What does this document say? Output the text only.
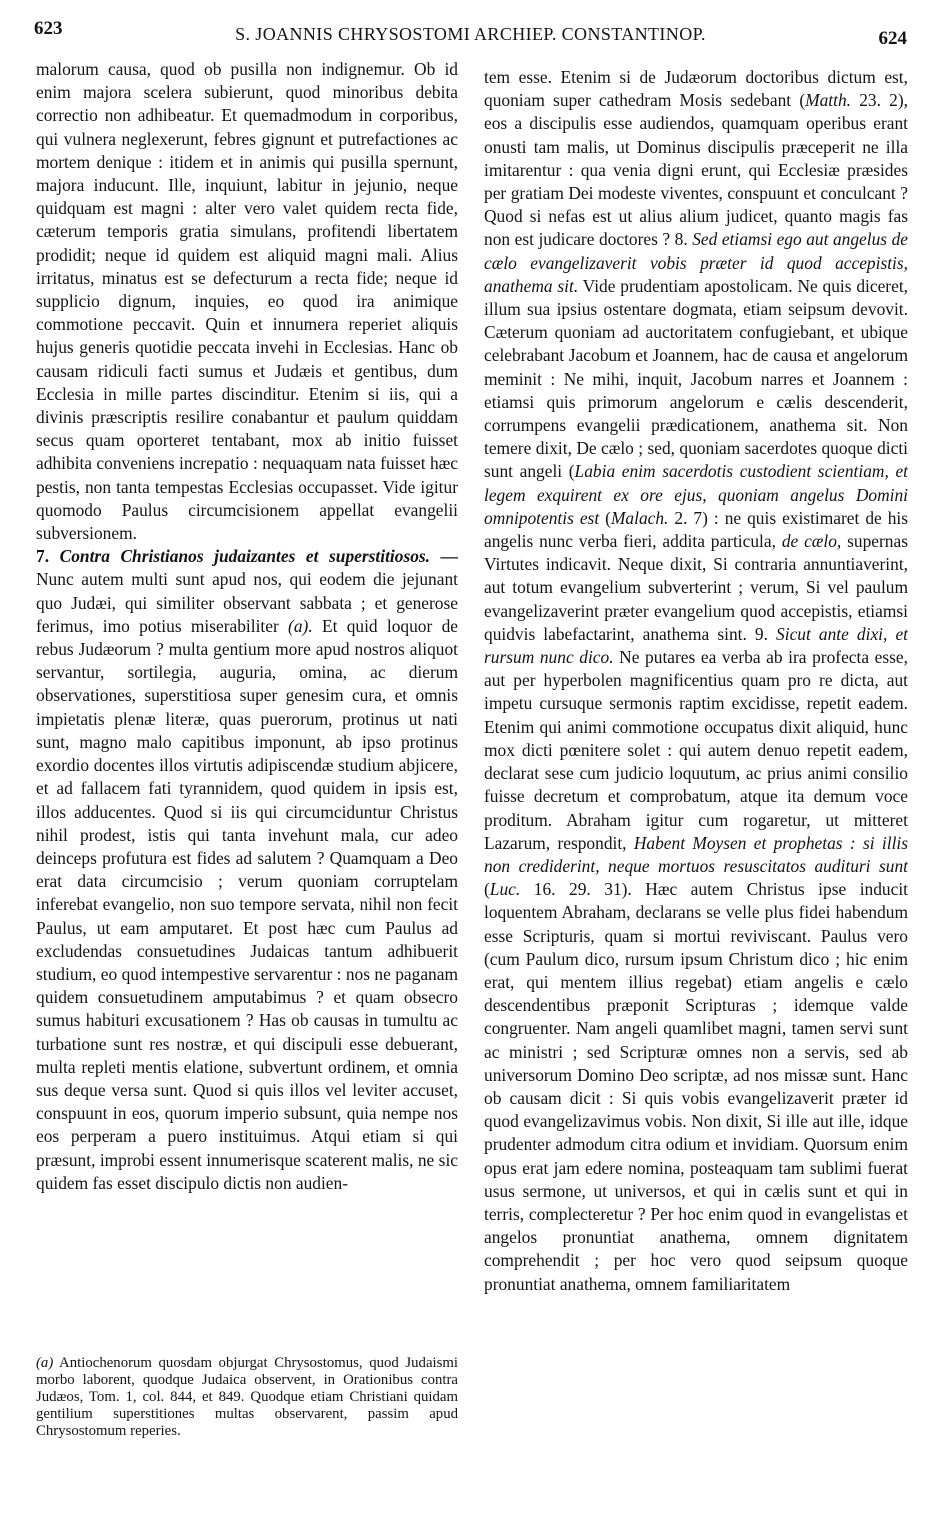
623	S. JOANNIS CHRYSOSTOMI ARCHIEP. CONSTANTINOP.	624

malorum causa, quod ob pusilla non indignemur. Ob id enim majora scelera subierunt, quod minoribus debita correctio non adhibeatur. Et quemadmodum in corporibus, qui vulnera neglexerunt, febres gignunt et putrefactiones ac mortem denique : itidem et in animis qui pusilla spernunt, majora inducunt. Ille, inquiunt, labitur in jejunio, neque quidquam est magni : alter vero valet quidem recta fide, cæterum temporis gratia simulans, profitendi libertatem prodidit; neque id quidem est aliquid magni mali. Alius irritatus, minatus est se defecturum a recta fide; neque id supplicio dignum, inquies, eo quod ira animique commotione peccavit. Quin et innumera reperiet aliquis hujus generis quotidie peccata invehi in Ecclesias. Hanc ob causam ridiculi facti sumus et Judæis et gentibus, dum Ecclesia in mille partes discinditur. Etenim si iis, qui a divinis præscriptis resilire conabantur et paulum quiddam secus quam oporteret tentabant, mox ab initio fuisset adhibita conveniens increpatio : nequaquam nata fuisset hæc pestis, non tanta tempestas Ecclesias occupasset. Vide igitur quomodo Paulus circumcisionem appellat evangelii subversionem.

7. Contra Christianos judaizantes et superstitiosos. — Nunc autem multi sunt apud nos, qui eodem die jejunant quo Judæi, qui similiter observant sabbata ; et generose ferimus, imo potius miserabiliter (a). Et quid loquor de rebus Judæorum ? multa gentium more apud nostros aliquot servantur, sortilegia, auguria, omina, ac dierum observationes, superstitiosa super genesim cura, et omnis impietatis plenæ literæ, quas puerorum, protinus ut nati sunt, magno malo capitibus imponunt, ab ipso protinus exordio docentes illos virtutis adipiscendæ studium abjicere, et ad fallacem fati tyrannidem, quod quidem in ipsis est, illos adducentes. Quod si iis qui circumciduntur Christus nihil prodest, istis qui tanta invehunt mala, cur adeo deinceps profutura est fides ad salutem ? Quamquam a Deo erat data circumcisio ; verum quoniam corruptelam inferebat evangelio, non suo tempore servata, nihil non fecit Paulus, ut eam amputaret. Et post hæc cum Paulus ad excludendas consuetudines Judaicas tantum adhibuerit studium, eo quod intempestive servarentur : nos ne paganam quidem consuetudinem amputabimus ? et quam obsecro sumus habituri excusationem ? Has ob causas in tumultu ac turbatione sunt res nostræ, et qui discipuli esse debuerant, multa repleti mentis elatione, subvertunt ordinem, et omnia sus deque versa sunt. Quod si quis illos vel leviter accuset, conspuunt in eos, quorum imperio subsunt, quia nempe nos eos perperam a puero instituimus. Atqui etiam si qui præsunt, improbi essent innumerisque scaterent malis, ne sic quidem fas esset discipulo dictis non audien-

tem esse. Etenim si de Judæorum doctoribus dictum est, quoniam super cathedram Mosis sedebant (Matth. 23. 2), eos a discipulis esse audiendos, quamquam operibus erant onusti tam malis, ut Dominus discipulis præceperit ne illa imitarentur : qua venia digni erunt, qui Ecclesiæ præsides per gratiam Dei modeste viventes, conspuunt et conculcant ? Quod si nefas est ut alius alium judicet, quanto magis fas non est judicare doctores ? 8. Sed etiamsi ego aut angelus de cælo evangelizaverit vobis præter id quod accepistis, anathema sit. Vide prudentiam apostolicam. Ne quis diceret, illum sua ipsius ostentare dogmata, etiam seipsum devovit. Cæterum quoniam ad auctoritatem confugiebant, et ubique celebrabant Jacobum et Joannem, hac de causa et angelorum meminit : Ne mihi, inquit, Jacobum narres et Joannem : etiamsi quis primorum angelorum e cælis descenderit, corrumpens evangelii prædicationem, anathema sit. Non temere dixit, De cælo ; sed, quoniam sacerdotes quoque dicti sunt angeli (Labia enim sacerdotis custodient scientiam, et legem exquirent ex ore ejus, quoniam angelus Domini omnipotentis est (Malach. 2. 7) : ne quis existimaret de his angelis nunc verba fieri, addita particula, de cælo, supernas Virtutes indicavit. Neque dixit, Si contraria annuntiaverint, aut totum evangelium subverterint ; verum, Si vel paulum evangelizaverint præter evangelium quod accepistis, etiamsi quidvis labefactarint, anathema sint. 9. Sicut ante dixi, et rursum nunc dico. Ne putares ea verba ab ira profecta esse, aut per hyperbolen magnificentius quam pro re dicta, aut impetu cursuque sermonis raptim excidisse, repetit eadem. Etenim qui animi commotione occupatus dixit aliquid, hunc mox dicti pœnitere solet : qui autem denuo repetit eadem, declarat sese cum judicio loquutum, ac prius animi consilio fuisse decretum et comprobatum, atque ita demum voce proditum. Abraham igitur cum rogaretur, ut mitteret Lazarum, respondit, Habent Moysen et prophetas : si illis non crediderint, neque mortuos resuscitatos audituri sunt (Luc. 16. 29. 31). Hæc autem Christus ipse inducit loquentem Abraham, declarans se velle plus fidei habendum esse Scripturis, quam si mortui reviviscant. Paulus vero (cum Paulum dico, rursum ipsum Christum dico ; hic enim erat, qui mentem illius regebat) etiam angelis e cælo descendentibus præponit Scripturas ; idemque valde congruenter. Nam angeli quamlibet magni, tamen servi sunt ac ministri ; sed Scripturæ omnes non a servis, sed ab universorum Domino Deo scriptæ, ad nos missæ sunt. Hanc ob causam dicit : Si quis vobis evangelizaverit præter id quod evangelizavimus vobis. Non dixit, Si ille aut ille, idque prudenter admodum citra odium et invidiam. Quorsum enim opus erat jam edere nomina, posteaquam tam sublimi fuerat usus sermone, ut universos, et qui in cælis sunt et qui in terris, complecteretur ? Per hoc enim quod in evangelistas et angelos pronuntiat anathema, omnem dignitatem comprehendit ; per hoc vero quod seipsum quoque pronuntiat anathema, omnem familiaritatem

(a) Antiochenorum quosdam objurgat Chrysostomus, quod Judaismi morbo laborent, quodque Judaica observent, in Orationibus contra Judæos, Tom. 1, col. 844, et 849. Quodque etiam Christiani quidam gentilium superstitiones multas observarent, passim apud Chrysostomum reperies.
